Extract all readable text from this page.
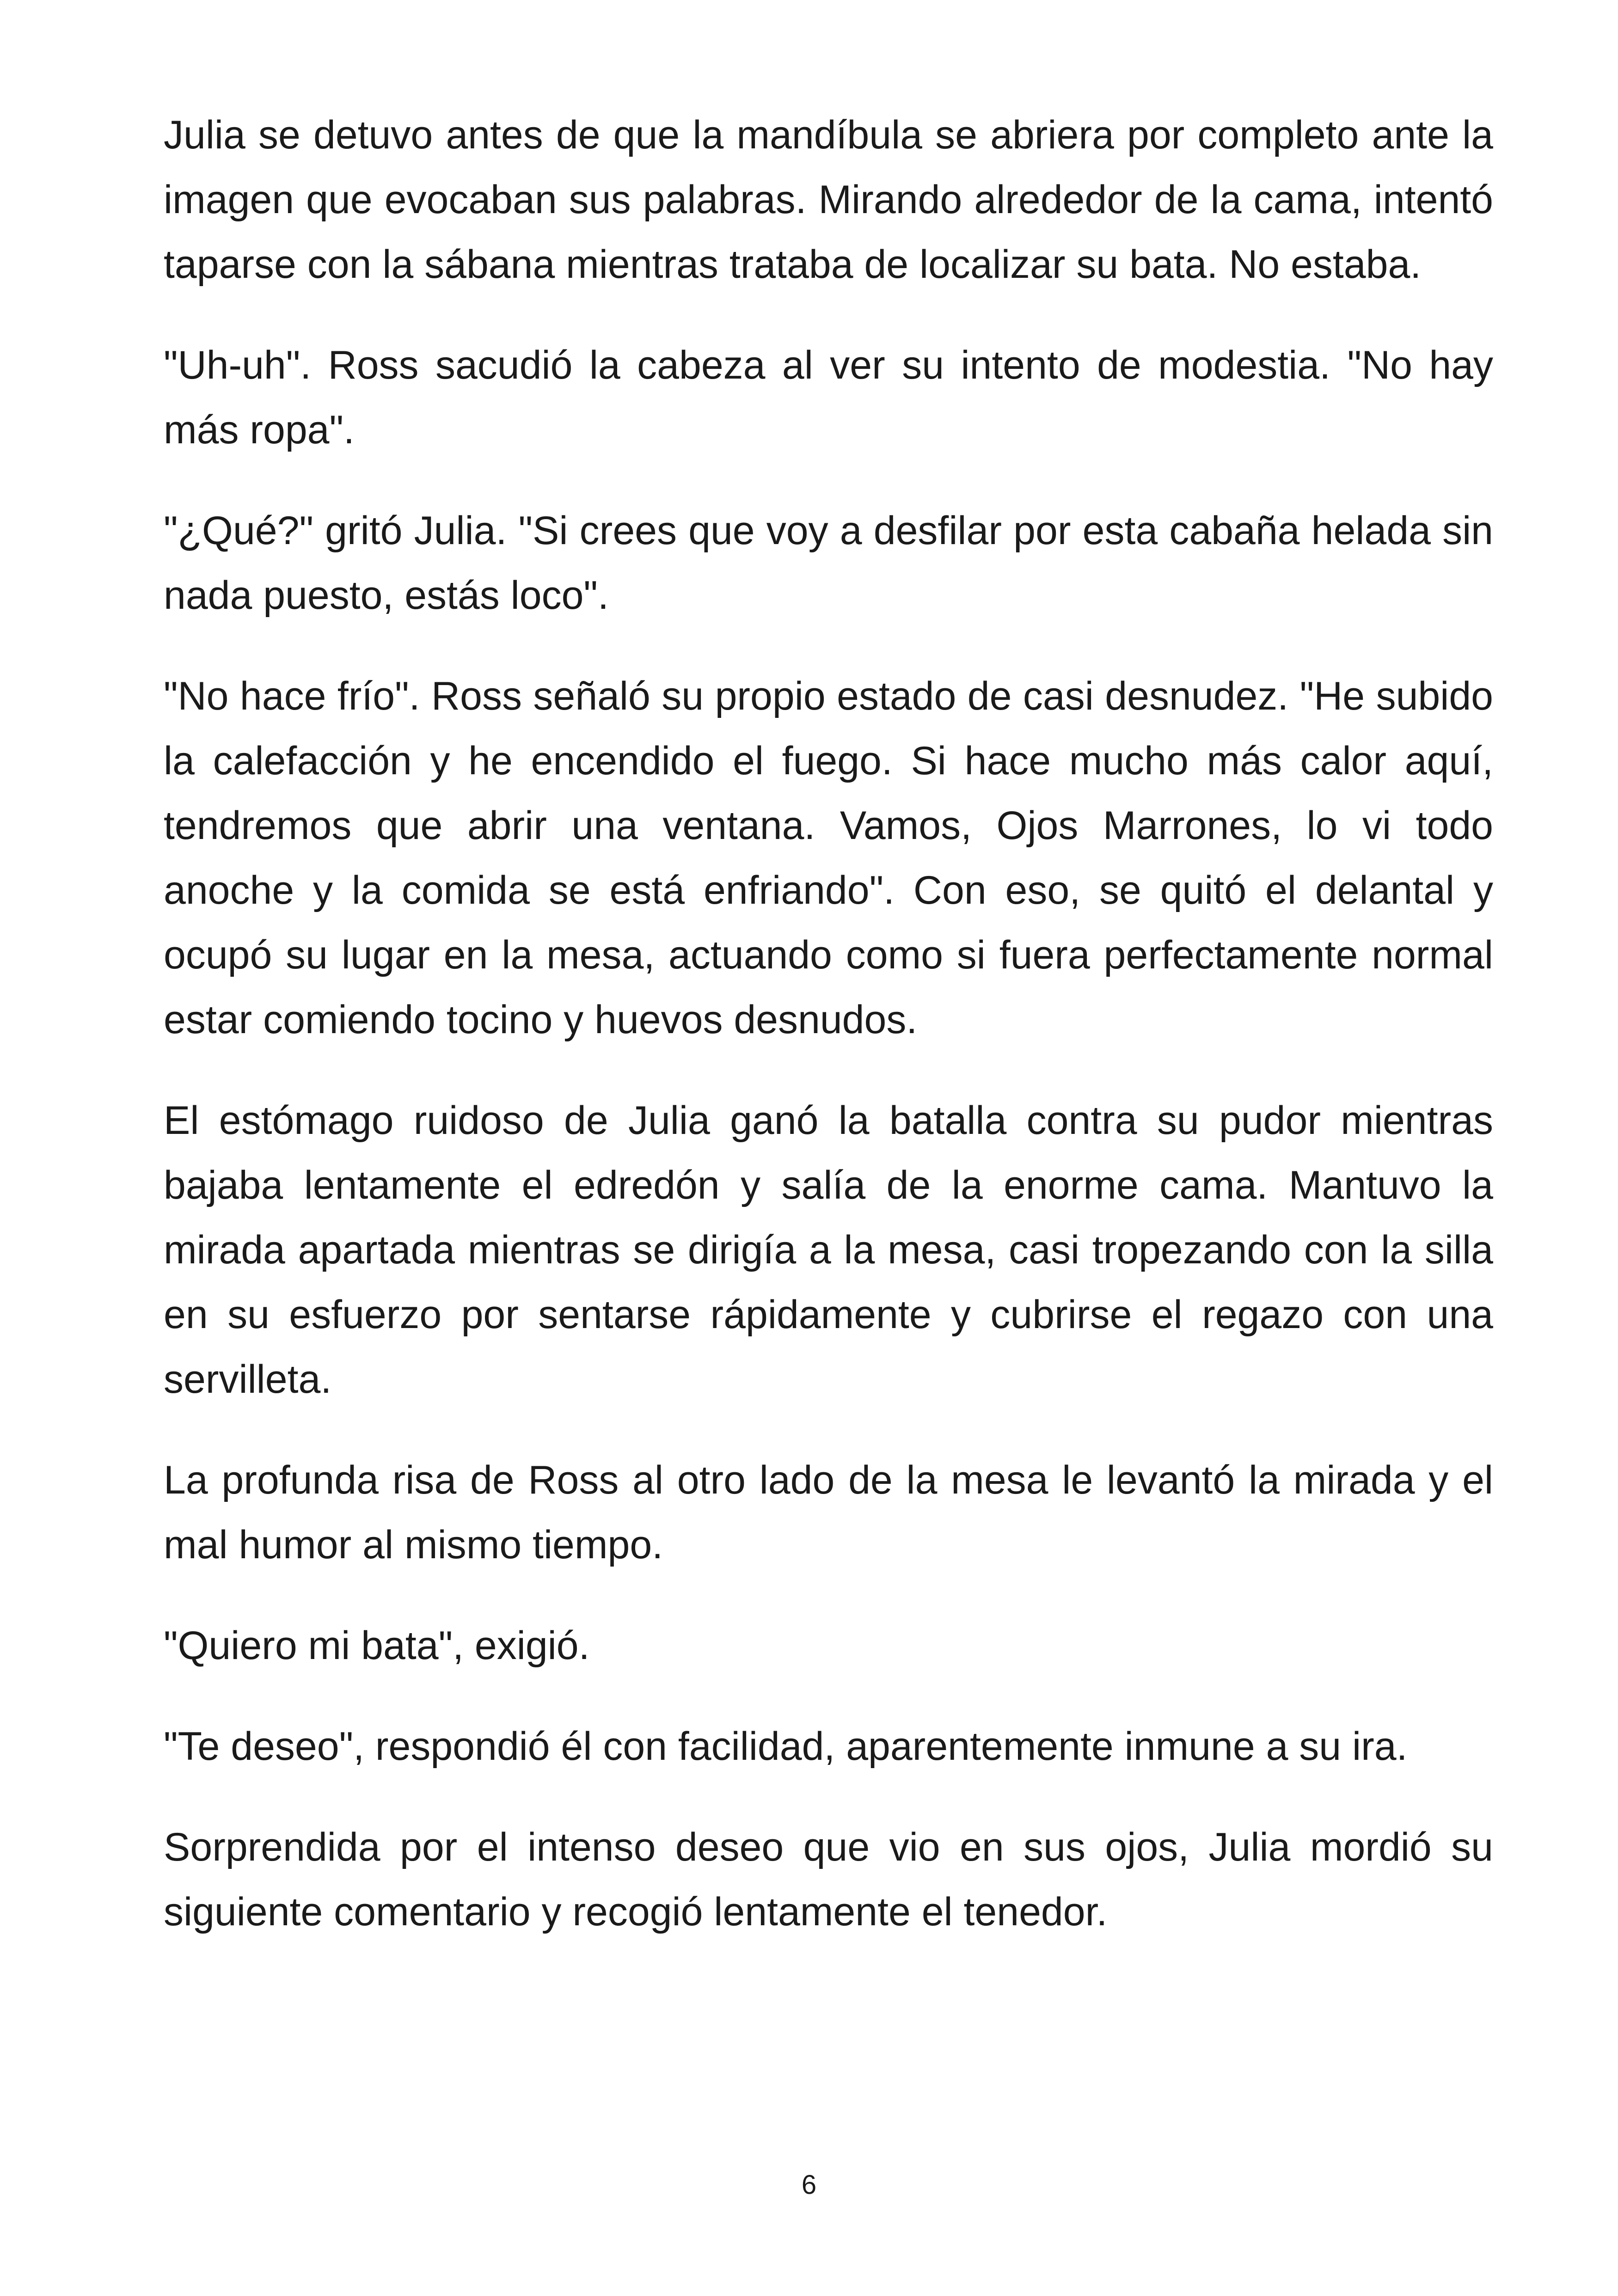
Julia se detuvo antes de que la mandíbula se abriera por completo ante la imagen que evocaban sus palabras. Mirando alrededor de la cama, intentó taparse con la sábana mientras trataba de localizar su bata. No estaba.

"Uh-uh". Ross sacudió la cabeza al ver su intento de modestia. "No hay más ropa".

"¿Qué?" gritó Julia. "Si crees que voy a desfilar por esta cabaña helada sin nada puesto, estás loco".

"No hace frío". Ross señaló su propio estado de casi desnudez. "He subido la calefacción y he encendido el fuego. Si hace mucho más calor aquí, tendremos que abrir una ventana. Vamos, Ojos Marrones, lo vi todo anoche y la comida se está enfriando". Con eso, se quitó el delantal y ocupó su lugar en la mesa, actuando como si fuera perfectamente normal estar comiendo tocino y huevos desnudos.

El estómago ruidoso de Julia ganó la batalla contra su pudor mientras bajaba lentamente el edredón y salía de la enorme cama. Mantuvo la mirada apartada mientras se dirigía a la mesa, casi tropezando con la silla en su esfuerzo por sentarse rápidamente y cubrirse el regazo con una servilleta.

La profunda risa de Ross al otro lado de la mesa le levantó la mirada y el mal humor al mismo tiempo.

"Quiero mi bata", exigió.

"Te deseo", respondió él con facilidad, aparentemente inmune a su ira.

Sorprendida por el intenso deseo que vio en sus ojos, Julia mordió su siguiente comentario y recogió lentamente el tenedor.

6
